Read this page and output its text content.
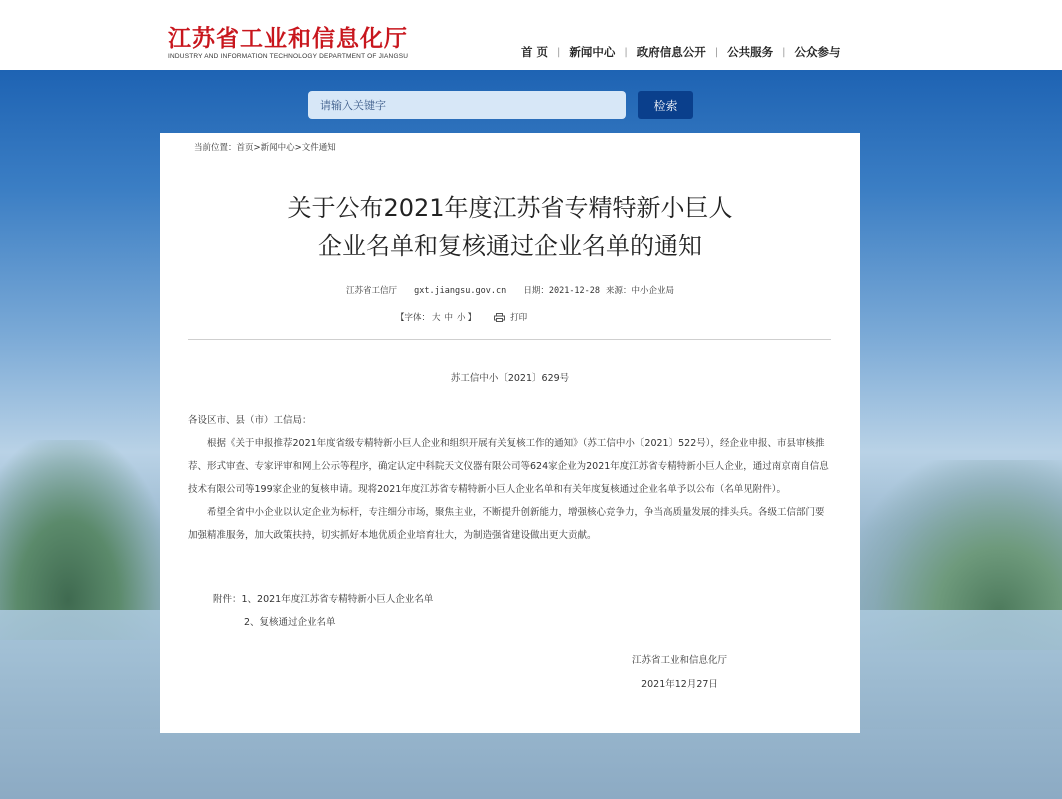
江苏省工业和信息化厅
INDUSTRY AND INFORMATION TECHNOLOGY DEPARTMENT OF JIANGSU	首 页 | 新闻中心 | 政府信息公开 | 公共服务 | 公众参与
请输入关键字
检索
当前位置：首页>新闻中心>文件通知
关于公布2021年度江苏省专精特新小巨人
企业名单和复核通过企业名单的通知
江苏省工信厅 gxt.jiangsu.gov.cn 日期：2021-12-28 来源：中小企业局
【字体： 大 中 小 】	打印
苏工信中小〔2021〕629号

各设区市、县（市）工信局：

根据《关于申报推荐2021年度省级专精特新小巨人企业和组织开展有关复核工作的通知》（苏工信中小〔2021〕522号），经企业申报、市县审核推荐、形式审查、专家评审和网上公示等程序，确定认定中科院天文仪器有限公司等624家企业为2021年度江苏省专精特新小巨人企业，通过南京南自信息技术有限公司等199家企业的复核申请。现将2021年度江苏省专精特新小巨人企业名单和有关年度复核通过企业名单予以公布（名单见附件）。

希望全省中小企业以认定企业为标杆，专注细分市场，聚焦主业，不断提升创新能力，增强核心竞争力，争当高质量发展的排头兵。各级工信部门要加强精准服务，加大政策扶持，切实抓好本地优质企业培育壮大，为制造强省建设做出更大贡献。

附件：1、2021年度江苏省专精特新小巨人企业名单
2、复核通过企业名单
江苏省工业和信息化厅
2021年12月27日
